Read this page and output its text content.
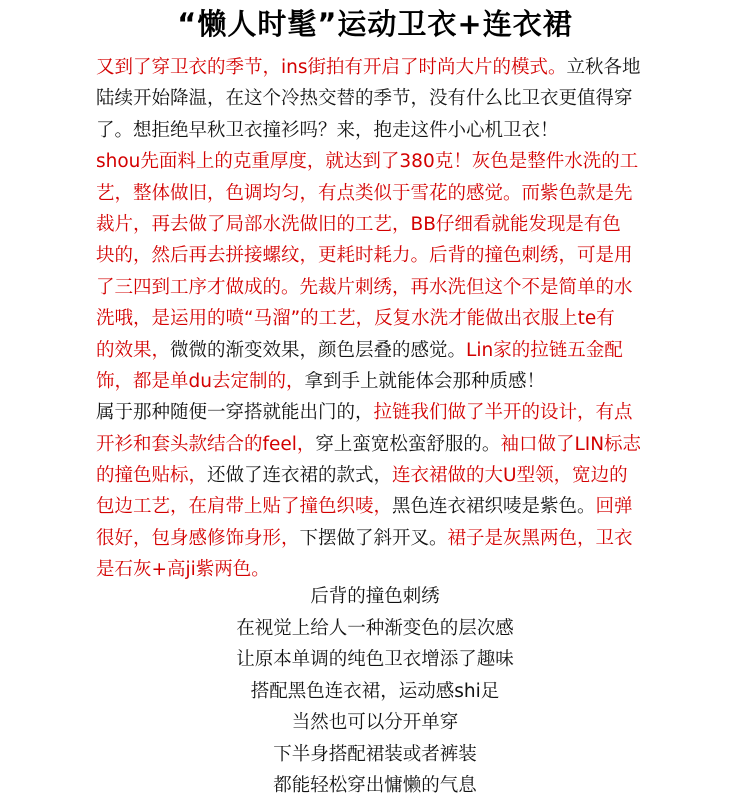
“懒人时髦”运动卫衣+连衣裙
又到了穿卫衣的季节，ins街拍有开启了时尚大片的模式。立秋各地
陆续开始降温，在这个冷热交替的季节，没有什么比卫衣更值得穿
了。想拒绝早秋卫衣撞衫吗？来，抱走这件小心机卫衣！
shou先面料上的克重厚度，就达到了380克！灰色是整件水洗的工
艺，整体做旧，色调均匀，有点类似于雪花的感觉。而紫色款是先
裁片，再去做了局部水洗做旧的工艺，BB仔细看就能发现是有色
块的，然后再去拼接螺纹，更耗时耗力。后背的撞色刺绣，可是用
了三四到工序才做成的。先裁片刺绣，再水洗但这个不是简单的水
洗哦，是运用的喷“马溜”的工艺，反复水洗才能做出衣服上te有
的效果，微微的渐变效果，颜色层叠的感觉。Lin家的拉链五金配
饰，都是单du去定制的，拿到手上就能体会那种质感！
属于那种随便一穿搭就能出门的，拉链我们做了半开的设计，有点
开衫和套头款结合的feel，穿上蛮宽松蛮舒服的。袖口做了LIN标志
的撞色贴标，还做了连衣裙的款式，连衣裙做的大U型领，宽边的
包边工艺，在肩带上贴了撞色织唛，黑色连衣裙织唛是紫色。回弹
很好，包身感修饰身形，下摆做了斜开叉。裙子是灰黑两色，卫衣
是石灰+高ji紫两色。
后背的撞色刺绣
在视觉上给人一种渐变色的层次感
让原本单调的纯色卫衣增添了趣味
搭配黑色连衣裙，运动感shi足
当然也可以分开单穿
下半身搭配裙装或者裤装
都能轻松穿出慵懒的气息
